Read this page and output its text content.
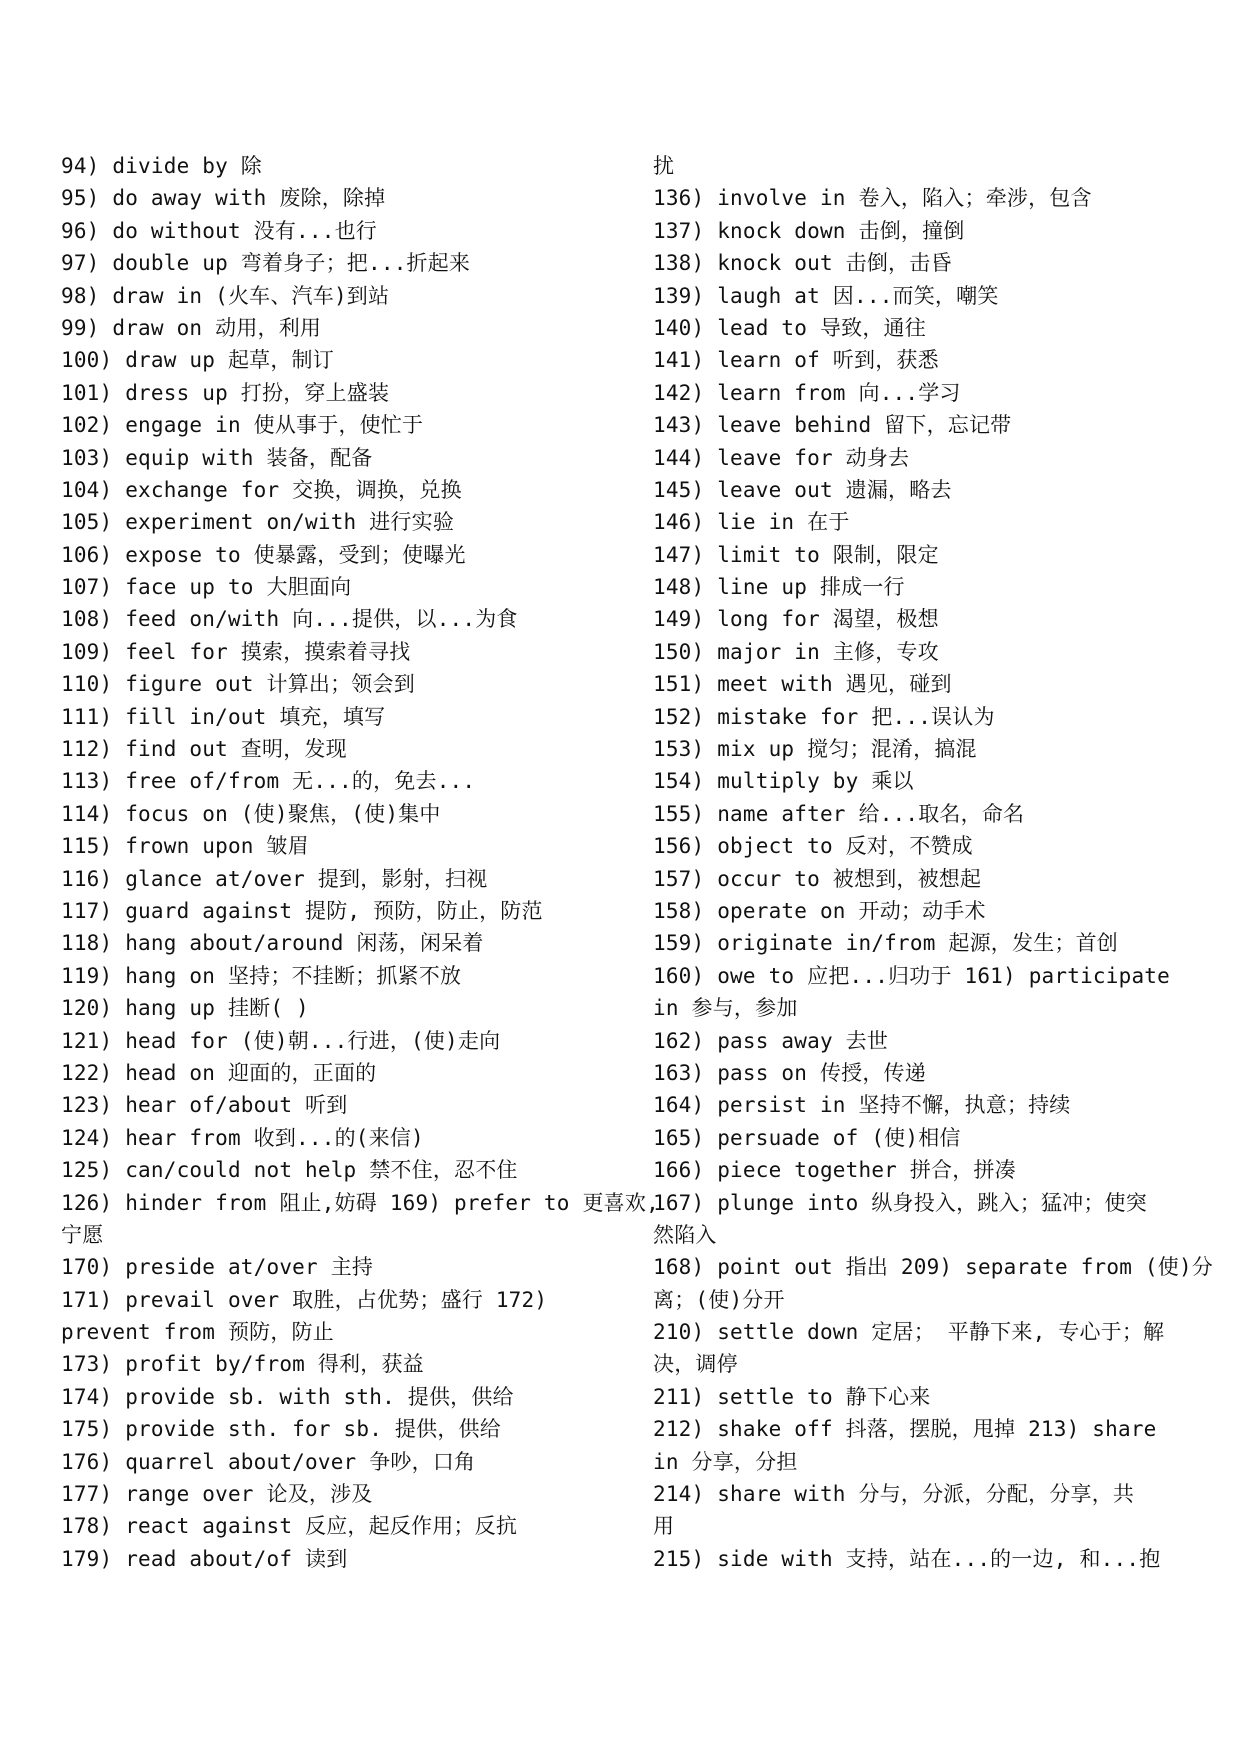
94) divide by 除
95) do away with 废除，除掉
96) do without 没有...也行
97) double up 弯着身子；把...折起来
98) draw in (火车、汽车)到站
99) draw on 动用，利用
100) draw up 起草，制订
101) dress up 打扮，穿上盛装
102) engage in 使从事于，使忙于
103) equip with 装备，配备
104) exchange for 交换，调换，兑换
105) experiment on/with 进行实验
106) expose to 使暴露，受到；使曝光
107) face up to 大胆面向
108) feed on/with 向...提供，以...为食
109) feel for 摸索，摸索着寻找
110) figure out 计算出；领会到
111) fill in/out 填充，填写
112) find out 查明，发现
113) free of/from 无...的，免去...
114) focus on (使)聚焦，(使)集中
115) frown upon 皱眉
116) glance at/over 提到，影射，扫视
117) guard against 提防, 预防，防止，防范
118) hang about/around 闲荡，闲呆着
119) hang on 坚持；不挂断；抓紧不放
120) hang up 挂断( )
121) head for (使)朝...行进，(使)走向
122) head on 迎面的，正面的
123) hear of/about 听到
124) hear from 收到...的(来信)
125) can/could not help 禁不住，忍不住
126) hinder from 阻止,妨碍 169) prefer to 更喜欢,
宁愿
170) preside at/over 主持
171) prevail over 取胜，占优势；盛行 172)
prevent from 预防，防止
173) profit by/from 得利，获益
174) provide sb. with sth. 提供，供给
175) provide sth. for sb. 提供，供给
176) quarrel about/over 争吵，口角
177) range over 论及，涉及
178) react against 反应，起反作用；反抗
179) read about/of 读到
扰
136) involve in 卷入，陷入；牵涉，包含
137) knock down 击倒，撞倒
138) knock out 击倒，击昏
139) laugh at 因...而笑，嘲笑
140) lead to 导致，通往
141) learn of 听到，获悉
142) learn from 向...学习
143) leave behind 留下，忘记带
144) leave for 动身去
145) leave out 遗漏，略去
146) lie in 在于
147) limit to 限制，限定
148) line up 排成一行
149) long for 渴望，极想
150) major in 主修，专攻
151) meet with 遇见，碰到
152) mistake for 把...误认为
153) mix up 搅匀；混淆，搞混
154) multiply by 乘以
155) name after 给...取名，命名
156) object to 反对，不赞成
157) occur to 被想到，被想起
158) operate on 开动；动手术
159) originate in/from 起源，发生；首创
160) owe to 应把...归功于 161) participate
in 参与，参加
162) pass away 去世
163) pass on 传授，传递
164) persist in 坚持不懈，执意；持续
165) persuade of (使)相信
166) piece together 拼合，拼凑
167) plunge into 纵身投入，跳入；猛冲；使突
然陷入
168) point out 指出 209) separate from (使)分
离；(使)分开
210) settle down 定居； 平静下来, 专心于；解
决，调停
211) settle to 静下心来
212) shake off 抖落，摆脱，甩掉 213) share
in 分享，分担
214) share with 分与，分派，分配，分享，共
用
215) side with 支持，站在...的一边, 和...抱
